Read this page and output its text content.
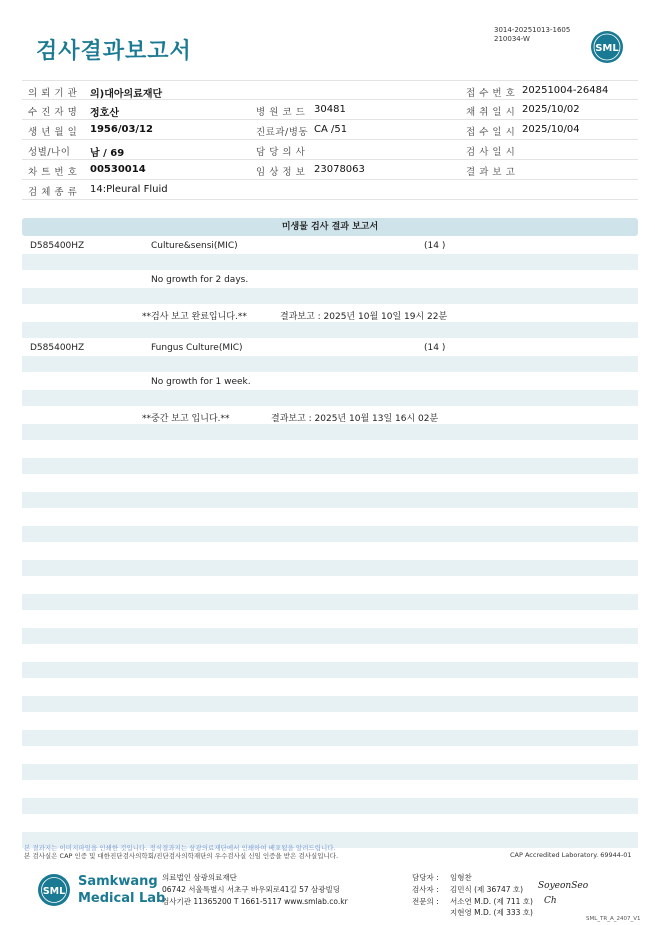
검사결과보고서
3014-20251013-1605
210034-W
SML
의 뢰 기 관 의)대아의료재단	접 수 번 호 20251004-26484
수 진 자 명 정호산	병 원 코 드 30481	채 취 일 시 2025/10/02
생 년 월 일 1956/03/12	진료과/병동 CA /51	접 수 일 시 2025/10/04
성별/나이 남 / 69	담 당 의 사	검 사 일 시
차 트 번 호 00530014	임 상 정 보 23078063	결 과 보 고
검 체 종 류 14:Pleural Fluid
미생물 검사 결과 보고서
D585400HZ	Culture&sensi(MIC)	(14 )
No growth for 2 days.
**검사 보고 완료입니다.**	결과보고 : 2025년 10월 10일 19시 22분
D585400HZ	Fungus Culture(MIC)	(14 )
No growth for 1 week.
**중간 보고 입니다.**	결과보고 : 2025년 10월 13일 16시 02분
본 결과지는 이미지파일을 인쇄한 것입니다. 정식결과지는 삼광의료재단에서 인쇄하여 배포됨을 알려드립니다.
본 검사실은 CAP 인증 및 대한진단검사의학회/진단검사의학재단의 우수검사실 신임 인증을 받은 검사실입니다.	CAP Accredited Laboratory. 69944-01
SML
Samkwang
Medical Lab
의료법인 삼광의료재단
06742 서울특별시 서초구 바우뫼로41길 57 삼광빌딩
검사기관 11365200 T 1661-5117 www.smlab.co.kr
담당자 : 임형찬
검사자 : 김민식 (제 36747 호)
전문의 : 서소연 M.D. (제 711 호)
지현영 M.D. (제 333 호)
SoyeonSeo
Ch
SML_TR_A_2407_V1
